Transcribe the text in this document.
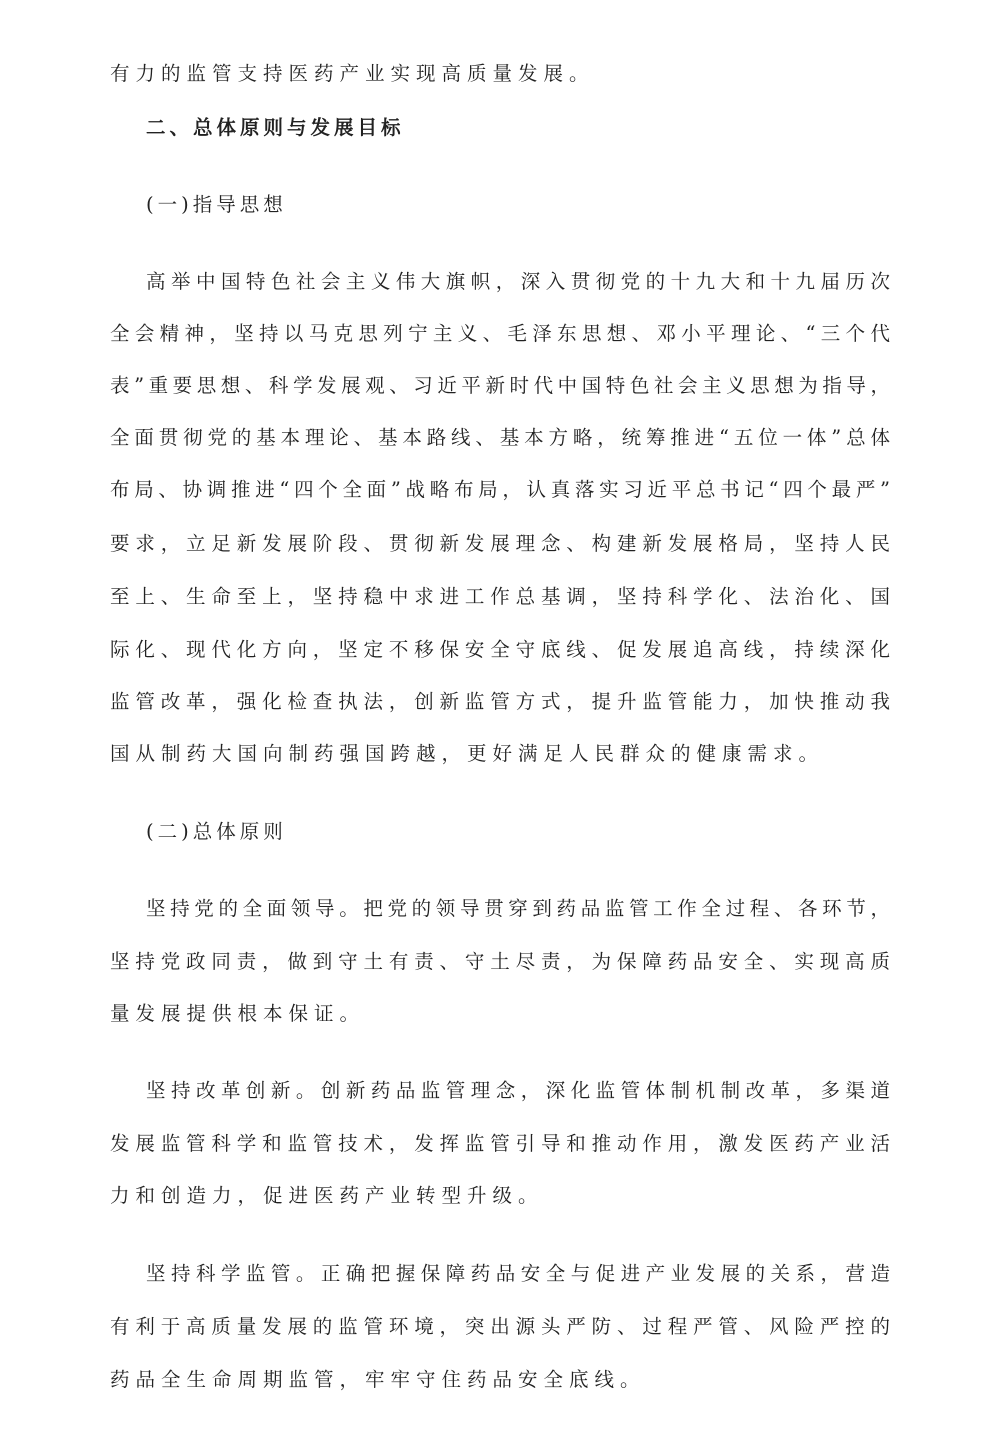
有力的监管支持医药产业实现高质量发展。
二、总体原则与发展目标
(一)指导思想
高举中国特色社会主义伟大旗帜，深入贯彻党的十九大和十九届历次
全会精神，坚持以马克思列宁主义、毛泽东思想、邓小平理论、“三个代
表”重要思想、科学发展观、习近平新时代中国特色社会主义思想为指导，
全面贯彻党的基本理论、基本路线、基本方略，统筹推进“五位一体”总体
布局、协调推进“四个全面”战略布局，认真落实习近平总书记“四个最严”
要求，立足新发展阶段、贯彻新发展理念、构建新发展格局，坚持人民
至上、生命至上，坚持稳中求进工作总基调，坚持科学化、法治化、国
际化、现代化方向，坚定不移保安全守底线、促发展追高线，持续深化
监管改革，强化检查执法，创新监管方式，提升监管能力，加快推动我
国从制药大国向制药强国跨越，更好满足人民群众的健康需求。
(二)总体原则
坚持党的全面领导。把党的领导贯穿到药品监管工作全过程、各环节，
坚持党政同责，做到守土有责、守土尽责，为保障药品安全、实现高质
量发展提供根本保证。
坚持改革创新。创新药品监管理念，深化监管体制机制改革，多渠道
发展监管科学和监管技术，发挥监管引导和推动作用，激发医药产业活
力和创造力，促进医药产业转型升级。
坚持科学监管。正确把握保障药品安全与促进产业发展的关系，营造
有利于高质量发展的监管环境，突出源头严防、过程严管、风险严控的
药品全生命周期监管，牢牢守住药品安全底线。
